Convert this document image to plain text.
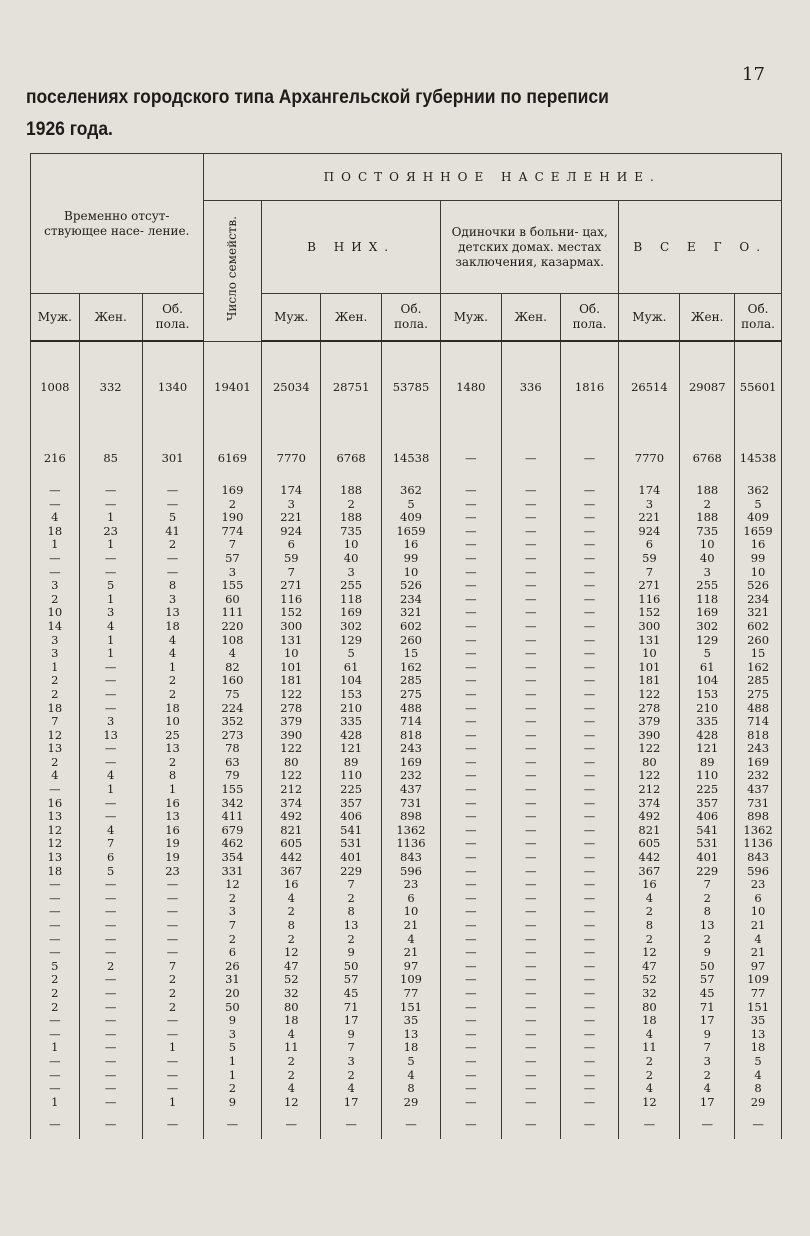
17
поселениях городского типа Архангельской губернии по переписи
1926 года.
Временно отсут- ствующее насе- ление.			ПОСТОЯННОЕ НАСЕЛЕНИЕ.									
			Число семейств.	В НИХ.			Одиночки в больни- цах, детских домах. местах заключения, казармах.			В С Е Г О.		
Муж.	Жен.	Об. пола.		Муж.	Жен.	Об. пола.	Муж.	Жен.	Об. пола.	Муж.	Жен.	Об. пола.
1008	332	1340	19401	25034	28751	53785	1480	336	1816	26514	29087	55601
216	85	301	6169	7770	6768	14538	—	—	—	7770	6768	14538
—	—	—	169	174	188	362	—	—	—	174	188	362
—	—	—	2	3	2	5	—	—	—	3	2	5
4	1	5	190	221	188	409	—	—	—	221	188	409
18	23	41	774	924	735	1659	—	—	—	924	735	1659
1	1	2	7	6	10	16	—	—	—	6	10	16
—	—	—	57	59	40	99	—	—	—	59	40	99
—	—	—	3	7	3	10	—	—	—	7	3	10
3	5	8	155	271	255	526	—	—	—	271	255	526
2	1	3	60	116	118	234	—	—	—	116	118	234
10	3	13	111	152	169	321	—	—	—	152	169	321
14	4	18	220	300	302	602	—	—	—	300	302	602
3	1	4	108	131	129	260	—	—	—	131	129	260
3	1	4	4	10	5	15	—	—	—	10	5	15
1	—	1	82	101	61	162	—	—	—	101	61	162
2	—	2	160	181	104	285	—	—	—	181	104	285
2	—	2	75	122	153	275	—	—	—	122	153	275
18	—	18	224	278	210	488	—	—	—	278	210	488
7	3	10	352	379	335	714	—	—	—	379	335	714
12	13	25	273	390	428	818	—	—	—	390	428	818
13	—	13	78	122	121	243	—	—	—	122	121	243
2	—	2	63	80	89	169	—	—	—	80	89	169
4	4	8	79	122	110	232	—	—	—	122	110	232
—	1	1	155	212	225	437	—	—	—	212	225	437
16	—	16	342	374	357	731	—	—	—	374	357	731
13	—	13	411	492	406	898	—	—	—	492	406	898
12	4	16	679	821	541	1362	—	—	—	821	541	1362
12	7	19	462	605	531	1136	—	—	—	605	531	1136
13	6	19	354	442	401	843	—	—	—	442	401	843
18	5	23	331	367	229	596	—	—	—	367	229	596
—	—	—	12	16	7	23	—	—	—	16	7	23
—	—	—	2	4	2	6	—	—	—	4	2	6
—	—	—	3	2	8	10	—	—	—	2	8	10
—	—	—	7	8	13	21	—	—	—	8	13	21
—	—	—	2	2	2	4	—	—	—	2	2	4
—	—	—	6	12	9	21	—	—	—	12	9	21
5	2	7	26	47	50	97	—	—	—	47	50	97
2	—	2	31	52	57	109	—	—	—	52	57	109
2	—	2	20	32	45	77	—	—	—	32	45	77
2	—	2	50	80	71	151	—	—	—	80	71	151
—	—	—	9	18	17	35	—	—	—	18	17	35
—	—	—	3	4	9	13	—	—	—	4	9	13
1	—	1	5	11	7	18	—	—	—	11	7	18
—	—	—	1	2	3	5	—	—	—	2	3	5
—	—	—	1	2	2	4	—	—	—	2	2	4
—	—	—	2	4	4	8	—	—	—	4	4	8
1	—	1	9	12	17	29	—	—	—	12	17	29
—	—	—	—	—	—	—	—	—	—	—	—	—
